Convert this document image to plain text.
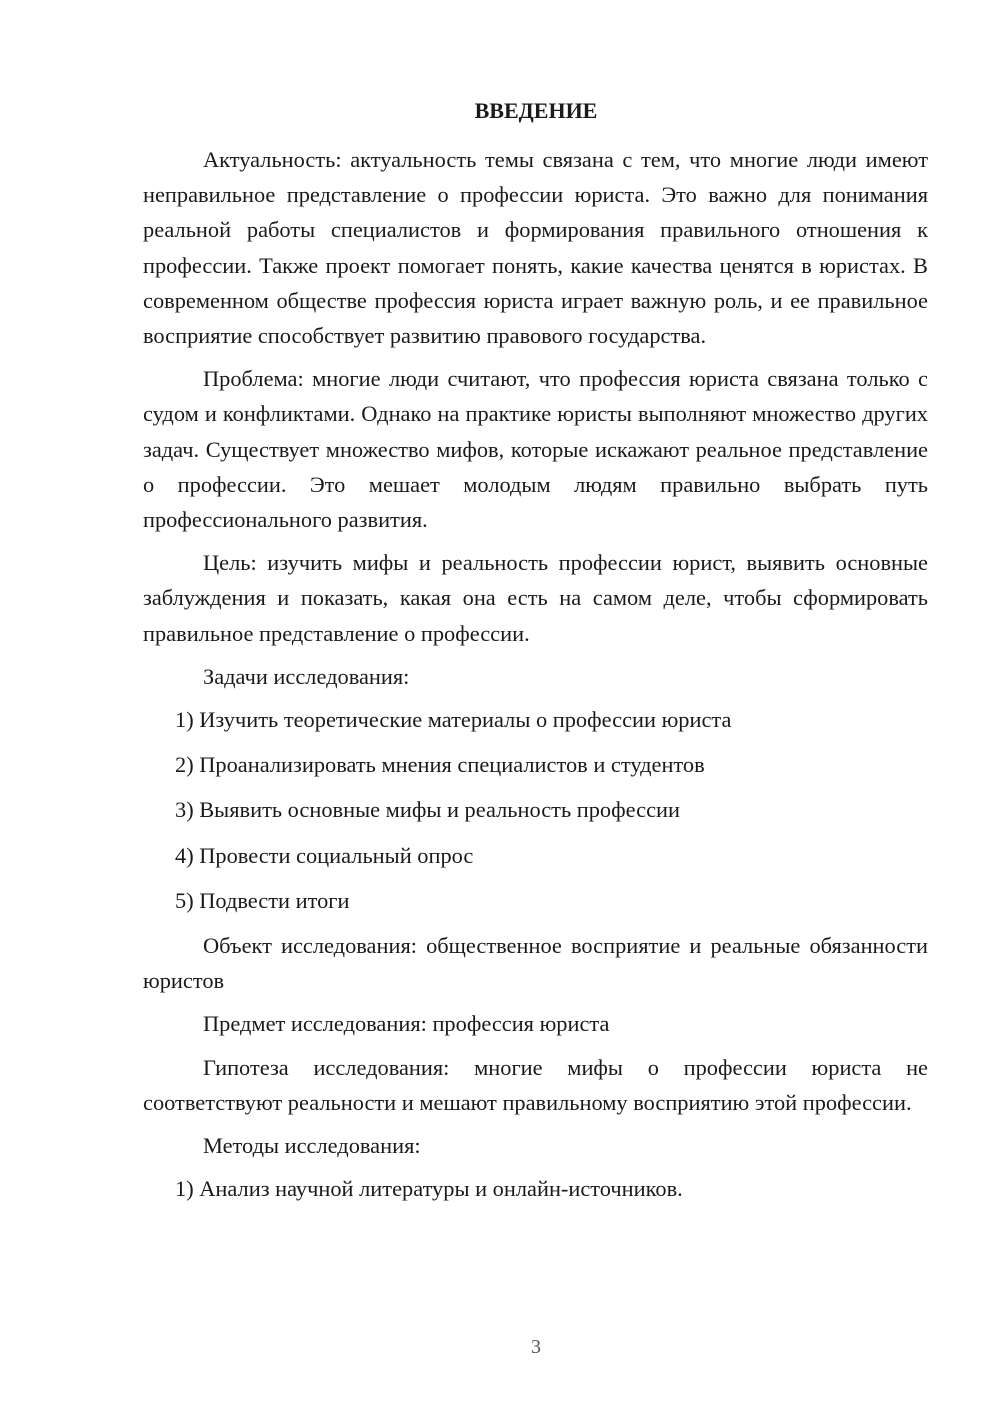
ВВЕДЕНИЕ

Актуальность: актуальность темы связана с тем, что многие люди имеют неправильное представление о профессии юриста. Это важно для понимания реальной работы специалистов и формирования правильного отношения к профессии. Также проект помогает понять, какие качества ценятся в юристах. В современном обществе профессия юриста играет важную роль, и ее правильное восприятие способствует развитию правового государства.

Проблема: многие люди считают, что профессия юриста связана только с судом и конфликтами. Однако на практике юристы выполняют множество других задач. Существует множество мифов, которые искажают реальное представление о профессии. Это мешает молодым людям правильно выбрать путь профессионального развития.

Цель: изучить мифы и реальность профессии юрист, выявить основные заблуждения и показать, какая она есть на самом деле, чтобы сформировать правильное представление о профессии.

Задачи исследования:

1) Изучить теоретические материалы о профессии юриста

2) Проанализировать мнения специалистов и студентов

3) Выявить основные мифы и реальность профессии

4) Провести социальный опрос

5) Подвести итоги

Объект исследования: общественное восприятие и реальные обязанности юристов

Предмет исследования: профессия юриста

Гипотеза исследования: многие мифы о профессии юриста не соответствуют реальности и мешают правильному восприятию этой профессии.

Методы исследования:

1) Анализ научной литературы и онлайн-источников.

3
